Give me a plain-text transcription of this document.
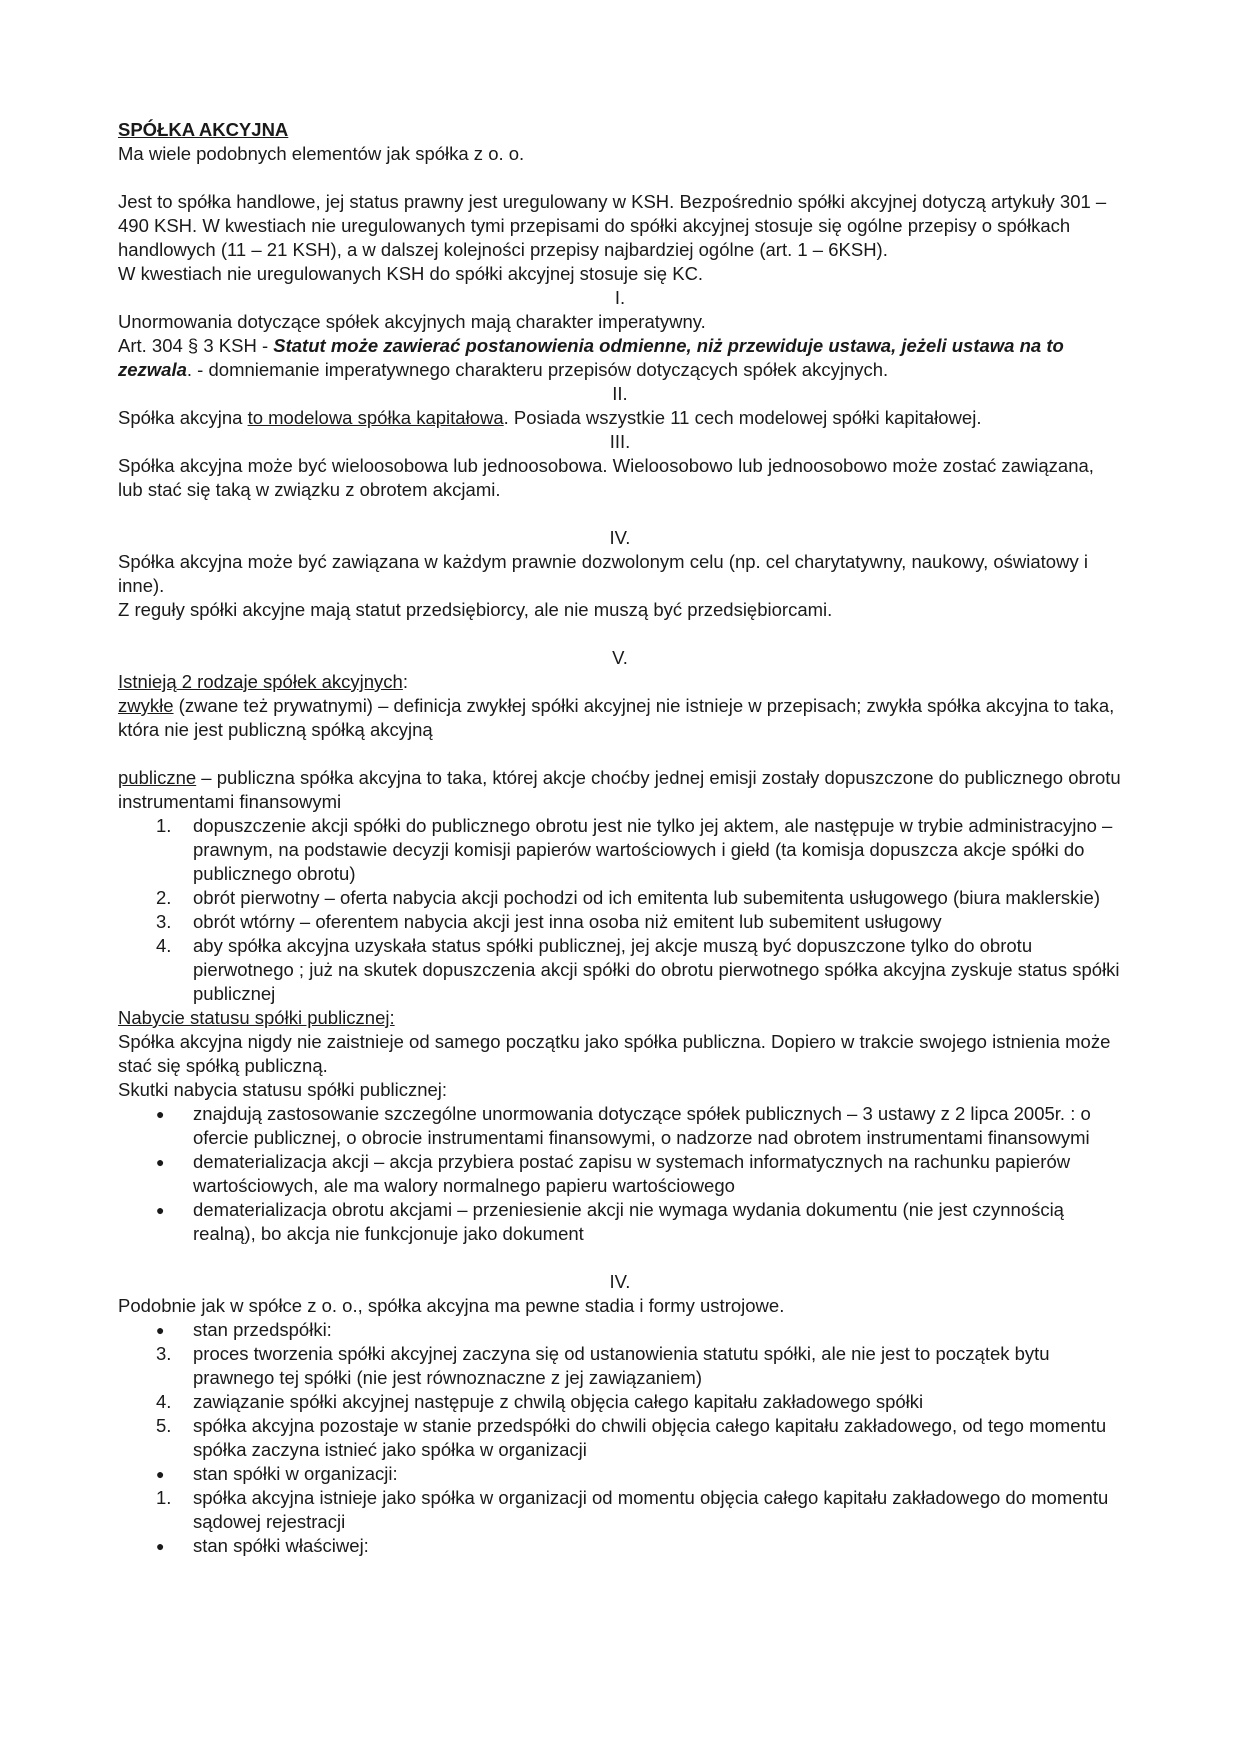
SPÓŁKA AKCYJNA

Ma wiele podobnych elementów jak spółka z o. o.

Jest to spółka handlowe, jej status prawny jest uregulowany w KSH. Bezpośrednio spółki akcyjnej dotyczą artykuły 301 – 490 KSH. W kwestiach nie uregulowanych tymi przepisami do spółki akcyjnej stosuje się ogólne przepisy o spółkach handlowych (11 – 21 KSH), a w dalszej kolejności przepisy najbardziej ogólne (art. 1 – 6KSH).

W kwestiach nie uregulowanych KSH do spółki akcyjnej stosuje się KC.

I.

Unormowania dotyczące spółek akcyjnych mają charakter imperatywny.

Art. 304 § 3 KSH - Statut może zawierać postanowienia odmienne, niż przewiduje ustawa, jeżeli ustawa na to zezwala. - domniemanie imperatywnego charakteru przepisów dotyczących spółek akcyjnych.

II.

Spółka akcyjna to modelowa spółka kapitałowa. Posiada wszystkie 11 cech modelowej spółki kapitałowej.

III.

Spółka akcyjna może być wieloosobowa lub jednoosobowa. Wieloosobowo lub jednoosobowo może zostać zawiązana, lub stać się taką w związku z obrotem akcjami.

IV.

Spółka akcyjna może być zawiązana w każdym prawnie dozwolonym celu (np. cel charytatywny, naukowy, oświatowy i inne).

Z reguły spółki akcyjne mają statut przedsiębiorcy, ale nie muszą być przedsiębiorcami.

V.

Istnieją 2 rodzaje spółek akcyjnych:

zwykłe (zwane też prywatnymi) – definicja zwykłej spółki akcyjnej nie istnieje w przepisach; zwykła spółka akcyjna to taka, która nie jest publiczną spółką akcyjną

publiczne – publiczna spółka akcyjna to taka, której akcje choćby jednej emisji zostały dopuszczone do publicznego obrotu instrumentami finansowymi

1.	dopuszczenie akcji spółki do publicznego obrotu jest nie tylko jej aktem, ale następuje w trybie administracyjno – prawnym, na podstawie decyzji komisji papierów wartościowych i giełd (ta komisja dopuszcza akcje spółki do publicznego obrotu)
2.	obrót pierwotny – oferta nabycia akcji pochodzi od ich emitenta lub subemitenta usługowego (biura maklerskie)
3.	obrót wtórny – oferentem nabycia akcji jest inna osoba niż emitent lub subemitent usługowy
4.	aby spółka akcyjna uzyskała status spółki publicznej, jej akcje muszą być dopuszczone tylko do obrotu pierwotnego ; już na skutek dopuszczenia akcji spółki do obrotu pierwotnego spółka akcyjna zyskuje status spółki publicznej

Nabycie statusu spółki publicznej:

Spółka akcyjna nigdy nie zaistnieje od samego początku jako spółka publiczna. Dopiero w trakcie swojego istnienia może stać się spółką publiczną.

Skutki nabycia statusu spółki publicznej:

●	znajdują zastosowanie szczególne unormowania dotyczące spółek publicznych – 3 ustawy z 2 lipca 2005r. : o ofercie publicznej, o obrocie instrumentami finansowymi, o nadzorze nad obrotem instrumentami finansowymi
●	dematerializacja akcji – akcja przybiera postać zapisu w systemach informatycznych na rachunku papierów wartościowych, ale ma walory normalnego papieru wartościowego
●	dematerializacja obrotu akcjami – przeniesienie akcji nie wymaga wydania dokumentu (nie jest czynnością realną), bo akcja nie funkcjonuje jako dokument

IV.

Podobnie jak w spółce z o. o., spółka akcyjna ma pewne stadia i formy ustrojowe.

●	stan przedspółki:
3.	proces tworzenia spółki akcyjnej zaczyna się od ustanowienia statutu spółki, ale nie jest to początek bytu prawnego tej spółki (nie jest równoznaczne z jej zawiązaniem)
4.	zawiązanie spółki akcyjnej następuje z chwilą objęcia całego kapitału zakładowego spółki
5.	spółka akcyjna pozostaje w stanie przedspółki do chwili objęcia całego kapitału zakładowego, od tego momentu spółka zaczyna istnieć jako spółka w organizacji
●	stan spółki w organizacji:
1.	spółka akcyjna istnieje jako spółka w organizacji od momentu objęcia całego kapitału zakładowego do momentu sądowej rejestracji
●	stan spółki właściwej:
